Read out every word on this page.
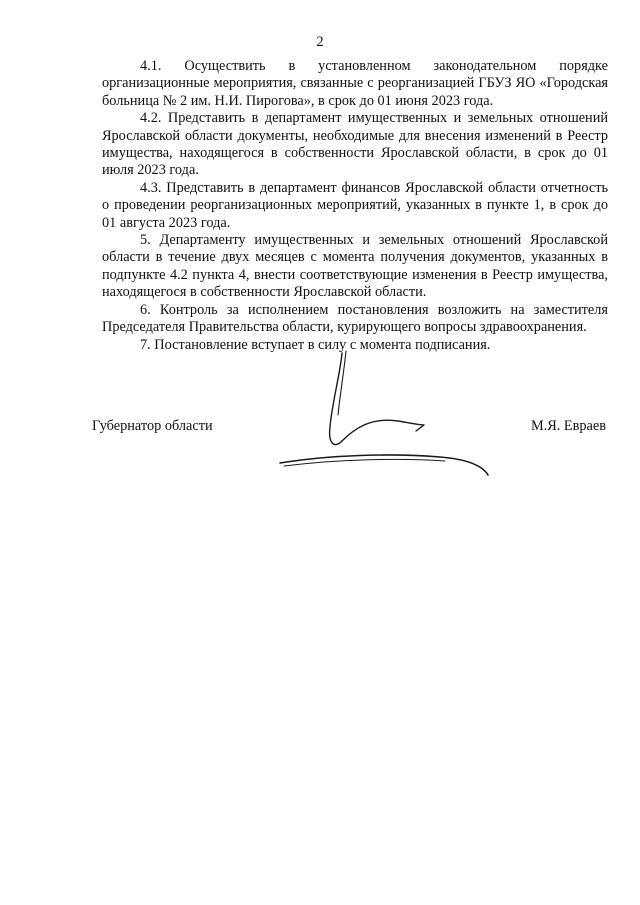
2

4.1. Осуществить в установленном законодательном порядке организационные мероприятия, связанные с реорганизацией ГБУЗ ЯО «Городская больница № 2 им. Н.И. Пирогова», в срок до 01 июня 2023 года.

4.2. Представить в департамент имущественных и земельных отношений Ярославской области документы, необходимые для внесения изменений в Реестр имущества, находящегося в собственности Ярославской области, в срок до 01 июля 2023 года.

4.3. Представить в департамент финансов Ярославской области отчетность о проведении реорганизационных мероприятий, указанных в пункте 1, в срок до 01 августа 2023 года.

5. Департаменту имущественных и земельных отношений Ярославской области в течение двух месяцев с момента получения документов, указанных в подпункте 4.2 пункта 4, внести соответствующие изменения в Реестр имущества, находящегося в собственности Ярославской области.

6. Контроль за исполнением постановления возложить на заместителя Председателя Правительства области, курирующего вопросы здравоохранения.

7. Постановление вступает в силу с момента подписания.

Губернатор области	М.Я. Евраев
